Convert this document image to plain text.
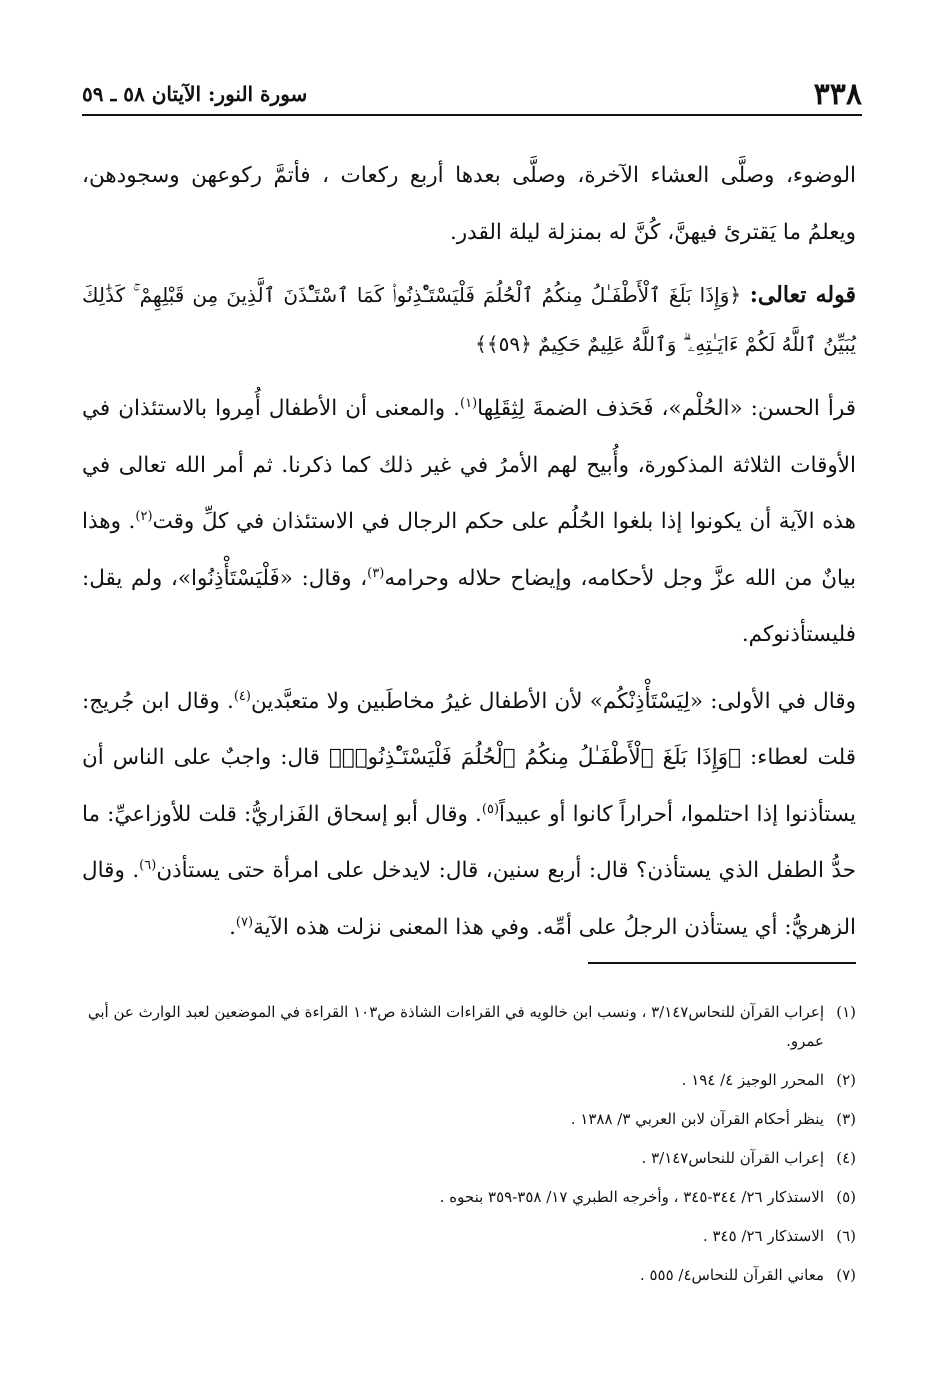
٣٣٨
سورة النور: الآيتان ٥٨ ـ ٥٩

الوضوء، وصلَّى العشاء الآخرة، وصلَّى بعدها أربع ركعات ، فأتمَّ ركوعهن وسجودهن، ويعلمُ ما يَقترئ فيهنَّ، كُنَّ له بمنزلة ليلة القدر.

قوله تعالى: ﴿وَإِذَا بَلَغَ ٱلْأَطْفَـٰلُ مِنكُمُ ٱلْحُلُمَ فَلْيَسْتَـْٔذِنُوا۟ كَمَا ٱسْتَـْٔذَنَ ٱلَّذِينَ مِن قَبْلِهِمْ ۚ كَذَٰلِكَ يُبَيِّنُ ٱللَّهُ لَكُمْ ءَايَـٰتِهِۦ ۗ وَٱللَّهُ عَلِيمٌ حَكِيمٌ ﴿٥٩﴾﴾

قرأ الحسن: «الحُلْم»، فَحَذف الضمةَ لِثِقَلِها$^{(١)}$. والمعنى أن الأطفال أُمِروا بالاستئذان في الأوقات الثلاثة المذكورة، وأُبيح لهم الأمرُ في غير ذلك كما ذكرنا. ثم أمر الله تعالى في هذه الآية أن يكونوا إذا بلغوا الحُلُم على حكم الرجال في الاستئذان في كلِّ وقت$^{(٢)}$. وهذا بيانٌ من الله عزَّ وجل لأحكامه، وإيضاح حلاله وحرامه$^{(٣)}$، وقال: «فَلْيَسْتَأْذِنُوا»، ولم يقل: فليستأذنوكم.

وقال في الأولى: «لِيَسْتَأْذِنْكُم» لأن الأطفال غيرُ مخاطَبين ولا متعبَّدين$^{(٤)}$. وقال ابن جُريج: قلت لعطاء: ﴿وَإِذَا بَلَغَ ٱلْأَطْفَـٰلُ مِنكُمُ ٱلْحُلُمَ فَلْيَسْتَـْٔذِنُوا۟﴾ قال: واجبٌ على الناس أن يستأذنوا إذا احتلموا، أحراراً كانوا أو عبيداً$^{(٥)}$. وقال أبو إسحاق الفَزاريُّ: قلت للأوزاعيِّ: ما حدُّ الطفل الذي يستأذن؟ قال: أربع سنين، قال: لايدخل على امرأة حتى يستأذن$^{(٦)}$. وقال الزهريُّ: أي يستأذن الرجلُ على أمِّه. وفي هذا المعنى نزلت هذه الآية$^{(٧)}$.

(١)إعراب القرآن للنحاس٣/١٤٧ ، ونسب ابن خالويه في القراءات الشاذة ص١٠٣ القراءة في الموضعين لعبد الوارث عن أبي عمرو.

(٢)المحرر الوجيز ٤/ ١٩٤ .

(٣)ينظر أحكام القرآن لابن العربي ٣/ ١٣٨٨ .

(٤)إعراب القرآن للنحاس٣/١٤٧ .

(٥)الاستذكار ٢٦/ ٣٤٤-٣٤٥ ، وأخرجه الطبري ١٧/ ٣٥٨-٣٥٩ بنحوه .

(٦)الاستذكار ٢٦/ ٣٤٥ .

(٧)معاني القرآن للنحاس٤/ ٥٥٥ .
